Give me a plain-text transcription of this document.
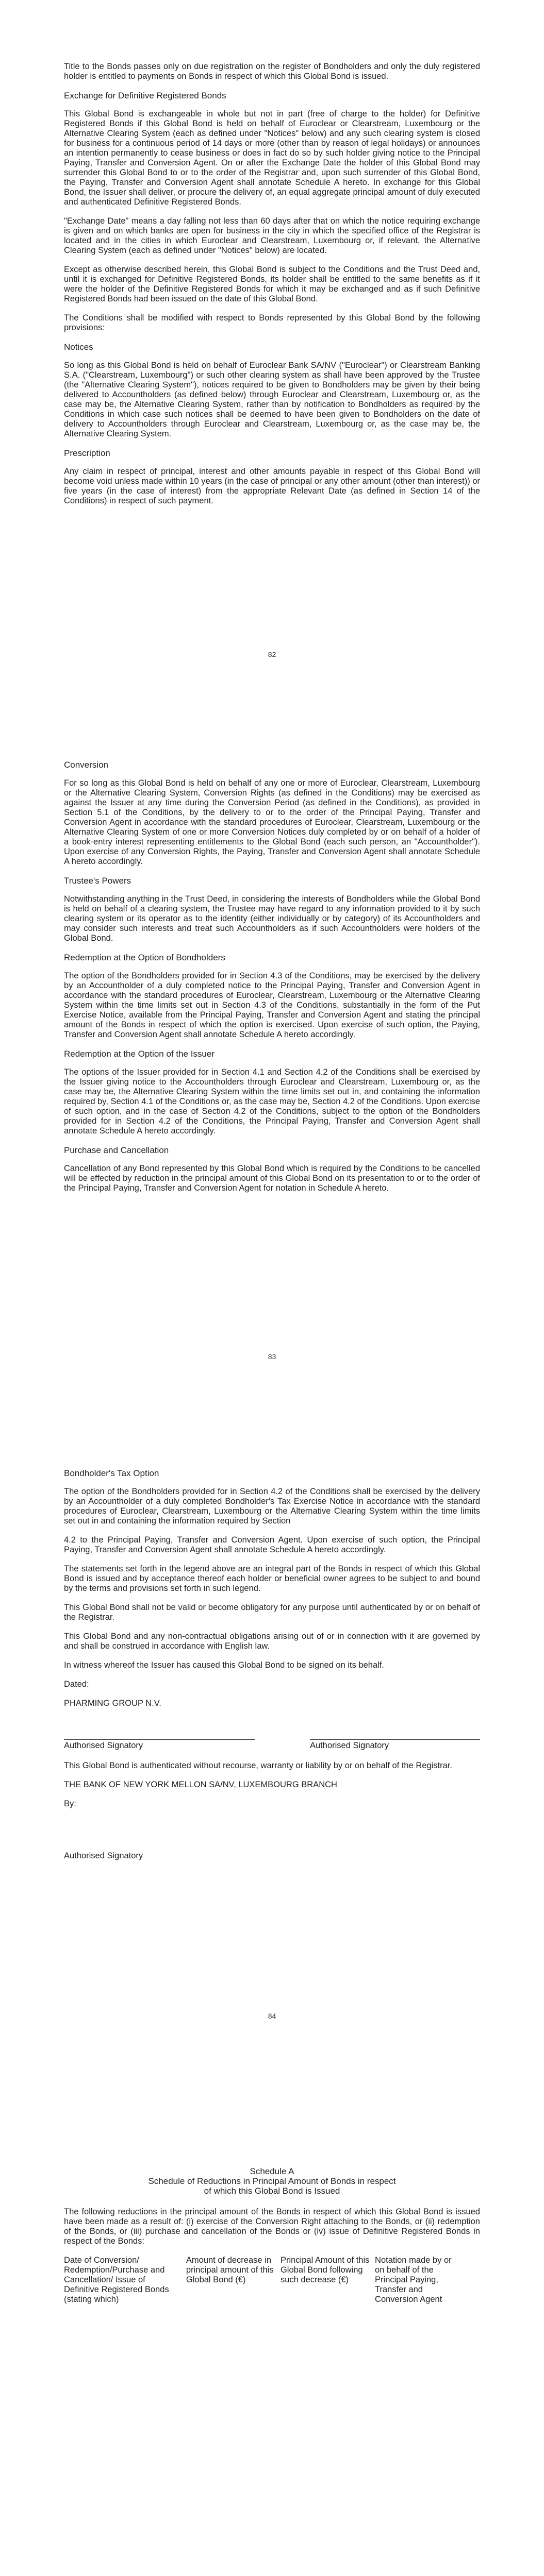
Title to the Bonds passes only on due registration on the register of Bondholders and only the duly registered holder is entitled to payments on Bonds in respect of which this Global Bond is issued.

Exchange for Definitive Registered Bonds

This Global Bond is exchangeable in whole but not in part (free of charge to the holder) for Definitive Registered Bonds if this Global Bond is held on behalf of Euroclear or Clearstream, Luxembourg or the Alternative Clearing System (each as defined under "Notices" below) and any such clearing system is closed for business for a continuous period of 14 days or more (other than by reason of legal holidays) or announces an intention permanently to cease business or does in fact do so by such holder giving notice to the Principal Paying, Transfer and Conversion Agent. On or after the Exchange Date the holder of this Global Bond may surrender this Global Bond to or to the order of the Registrar and, upon such surrender of this Global Bond, the Paying, Transfer and Conversion Agent shall annotate Schedule A hereto. In exchange for this Global Bond, the Issuer shall deliver, or procure the delivery of, an equal aggregate principal amount of duly executed and authenticated Definitive Registered Bonds.

"Exchange Date" means a day falling not less than 60 days after that on which the notice requiring exchange is given and on which banks are open for business in the city in which the specified office of the Registrar is located and in the cities in which Euroclear and Clearstream, Luxembourg or, if relevant, the Alternative Clearing System (each as defined under "Notices" below) are located.

Except as otherwise described herein, this Global Bond is subject to the Conditions and the Trust Deed and, until it is exchanged for Definitive Registered Bonds, its holder shall be entitled to the same benefits as if it were the holder of the Definitive Registered Bonds for which it may be exchanged and as if such Definitive Registered Bonds had been issued on the date of this Global Bond.

The Conditions shall be modified with respect to Bonds represented by this Global Bond by the following provisions:

Notices

So long as this Global Bond is held on behalf of Euroclear Bank SA/NV ("Euroclear") or Clearstream Banking S.A. ("Clearstream, Luxembourg") or such other clearing system as shall have been approved by the Trustee (the "Alternative Clearing System"), notices required to be given to Bondholders may be given by their being delivered to Accountholders (as defined below) through Euroclear and Clearstream, Luxembourg or, as the case may be, the Alternative Clearing System, rather than by notification to Bondholders as required by the Conditions in which case such notices shall be deemed to have been given to Bondholders on the date of delivery to Accountholders through Euroclear and Clearstream, Luxembourg or, as the case may be, the Alternative Clearing System.

Prescription

Any claim in respect of principal, interest and other amounts payable in respect of this Global Bond will become void unless made within 10 years (in the case of principal or any other amount (other than interest)) or five years (in the case of interest) from the appropriate Relevant Date (as defined in Section 14 of the Conditions) in respect of such payment.

82
Conversion

For so long as this Global Bond is held on behalf of any one or more of Euroclear, Clearstream, Luxembourg or the Alternative Clearing System, Conversion Rights (as defined in the Conditions) may be exercised as against the Issuer at any time during the Conversion Period (as defined in the Conditions), as provided in Section 5.1 of the Conditions, by the delivery to or to the order of the Principal Paying, Transfer and Conversion Agent in accordance with the standard procedures of Euroclear, Clearstream, Luxembourg or the Alternative Clearing System of one or more Conversion Notices duly completed by or on behalf of a holder of a book-entry interest representing entitlements to the Global Bond (each such person, an "Accountholder"). Upon exercise of any Conversion Rights, the Paying, Transfer and Conversion Agent shall annotate Schedule A hereto accordingly.

Trustee's Powers

Notwithstanding anything in the Trust Deed, in considering the interests of Bondholders while the Global Bond is held on behalf of a clearing system, the Trustee may have regard to any information provided to it by such clearing system or its operator as to the identity (either individually or by category) of its Accountholders and may consider such interests and treat such Accountholders as if such Accountholders were holders of the Global Bond.

Redemption at the Option of Bondholders

The option of the Bondholders provided for in Section 4.3 of the Conditions, may be exercised by the delivery by an Accountholder of a duly completed notice to the Principal Paying, Transfer and Conversion Agent in accordance with the standard procedures of Euroclear, Clearstream, Luxembourg or the Alternative Clearing System within the time limits set out in Section 4.3 of the Conditions, substantially in the form of the Put Exercise Notice, available from the Principal Paying, Transfer and Conversion Agent and stating the principal amount of the Bonds in respect of which the option is exercised. Upon exercise of such option, the Paying, Transfer and Conversion Agent shall annotate Schedule A hereto accordingly.

Redemption at the Option of the Issuer

The options of the Issuer provided for in Section 4.1 and Section 4.2 of the Conditions shall be exercised by the Issuer giving notice to the Accountholders through Euroclear and Clearstream, Luxembourg or, as the case may be, the Alternative Clearing System within the time limits set out in, and containing the information required by, Section 4.1 of the Conditions or, as the case may be, Section 4.2 of the Conditions. Upon exercise of such option, and in the case of Section 4.2 of the Conditions, subject to the option of the Bondholders provided for in Section 4.2 of the Conditions, the Principal Paying, Transfer and Conversion Agent shall annotate Schedule A hereto accordingly.

Purchase and Cancellation

Cancellation of any Bond represented by this Global Bond which is required by the Conditions to be cancelled will be effected by reduction in the principal amount of this Global Bond on its presentation to or to the order of the Principal Paying, Transfer and Conversion Agent for notation in Schedule A hereto.

83
Bondholder's Tax Option

The option of the Bondholders provided for in Section 4.2 of the Conditions shall be exercised by the delivery by an Accountholder of a duly completed Bondholder's Tax Exercise Notice in accordance with the standard procedures of Euroclear, Clearstream, Luxembourg or the Alternative Clearing System within the time limits set out in and containing the information required by Section

4.2 to the Principal Paying, Transfer and Conversion Agent. Upon exercise of such option, the Principal Paying, Transfer and Conversion Agent shall annotate Schedule A hereto accordingly.

The statements set forth in the legend above are an integral part of the Bonds in respect of which this Global Bond is issued and by acceptance thereof each holder or beneficial owner agrees to be subject to and bound by the terms and provisions set forth in such legend.

This Global Bond shall not be valid or become obligatory for any purpose until authenticated by or on behalf of the Registrar.

This Global Bond and any non-contractual obligations arising out of or in connection with it are governed by and shall be construed in accordance with English law.

In witness whereof the Issuer has caused this Global Bond to be signed on its behalf.

Dated:

PHARMING GROUP N.V.

Authorised Signatory	Authorised Signatory

This Global Bond is authenticated without recourse, warranty or liability by or on behalf of the Registrar.

THE BANK OF NEW YORK MELLON SA/NV, LUXEMBOURG BRANCH

By:

Authorised Signatory

84
Schedule A
Schedule of Reductions in Principal Amount of Bonds in respect of which this Global Bond is Issued

The following reductions in the principal amount of the Bonds in respect of which this Global Bond is issued have been made as a result of: (i) exercise of the Conversion Right attaching to the Bonds, or (ii) redemption of the Bonds, or (iii) purchase and cancellation of the Bonds or (iv) issue of Definitive Registered Bonds in respect of the Bonds:

Date of Conversion/ Redemption/Purchase and Cancellation/ Issue of Definitive Registered Bonds (stating which)	Amount of decrease in principal amount of this Global Bond (€)	Principal Amount of this Global Bond following such decrease (€)	Notation made by or on behalf of the Principal Paying, Transfer and Conversion Agent
